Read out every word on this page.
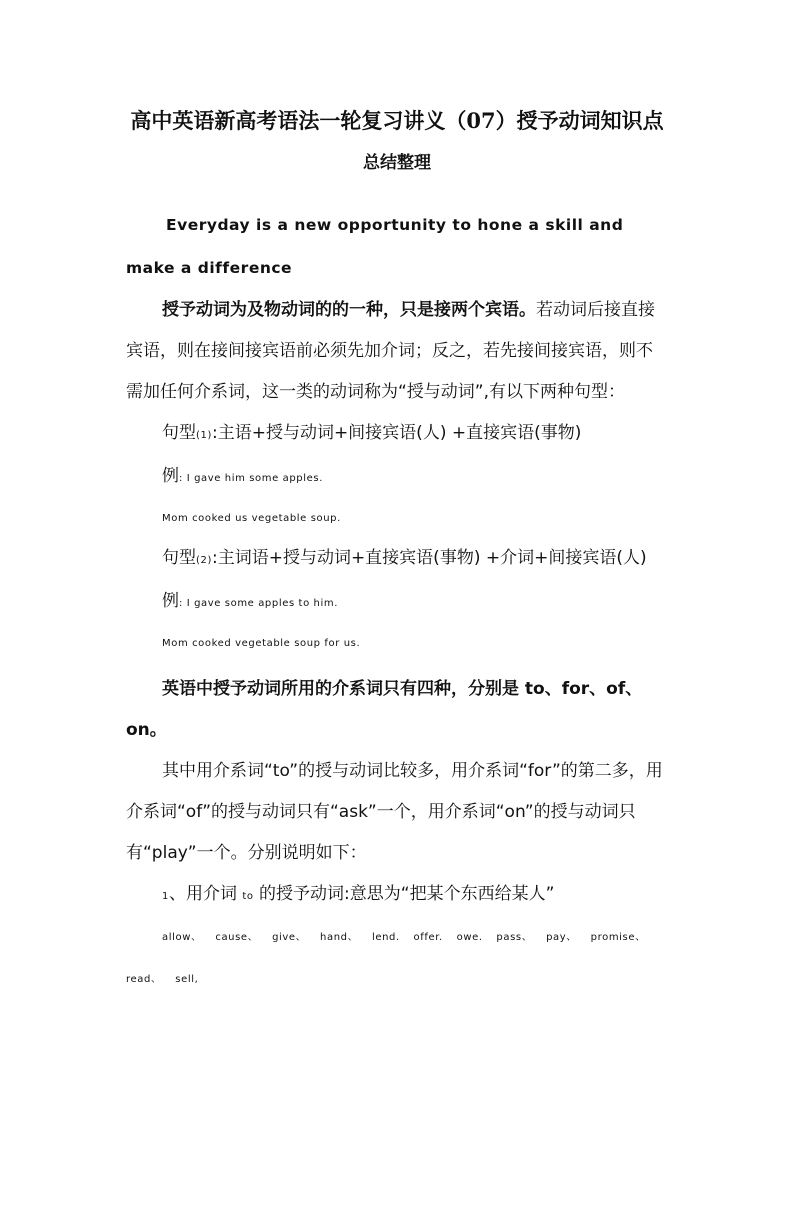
高中英语新高考语法一轮复习讲义（07）授予动词知识点
总结整理

Everyday is a new opportunity to hone a skill and make a difference

授予动词为及物动词的的一种，只是接两个宾语。若动词后接直接宾语，则在接间接宾语前必须先加介词；反之，若先接间接宾语，则不需加任何介系词，这一类的动词称为“授与动词”,有以下两种句型：

句型(1):主语+授与动词+间接宾语(人) +直接宾语(事物)

例: I gave him some apples.

Mom cooked us vegetable soup.

句型(2):主词语+授与动词+直接宾语(事物) +介词+间接宾语(人)

例: I gave some apples to him.

Mom cooked vegetable soup for us.

英语中授予动词所用的介系词只有四种，分别是 to、for、of、on。

其中用介系词“to”的授与动词比较多，用介系词“for”的第二多，用介系词“of”的授与动词只有“ask”一个，用介系词“on”的授与动词只有“play”一个。分别说明如下：

1、用介词 to 的授予动词:意思为“把某个东西给某人”

allow、 cause、 give、 hand、 lend. offer. owe. pass、 pay、 promise、

read、 sell,
